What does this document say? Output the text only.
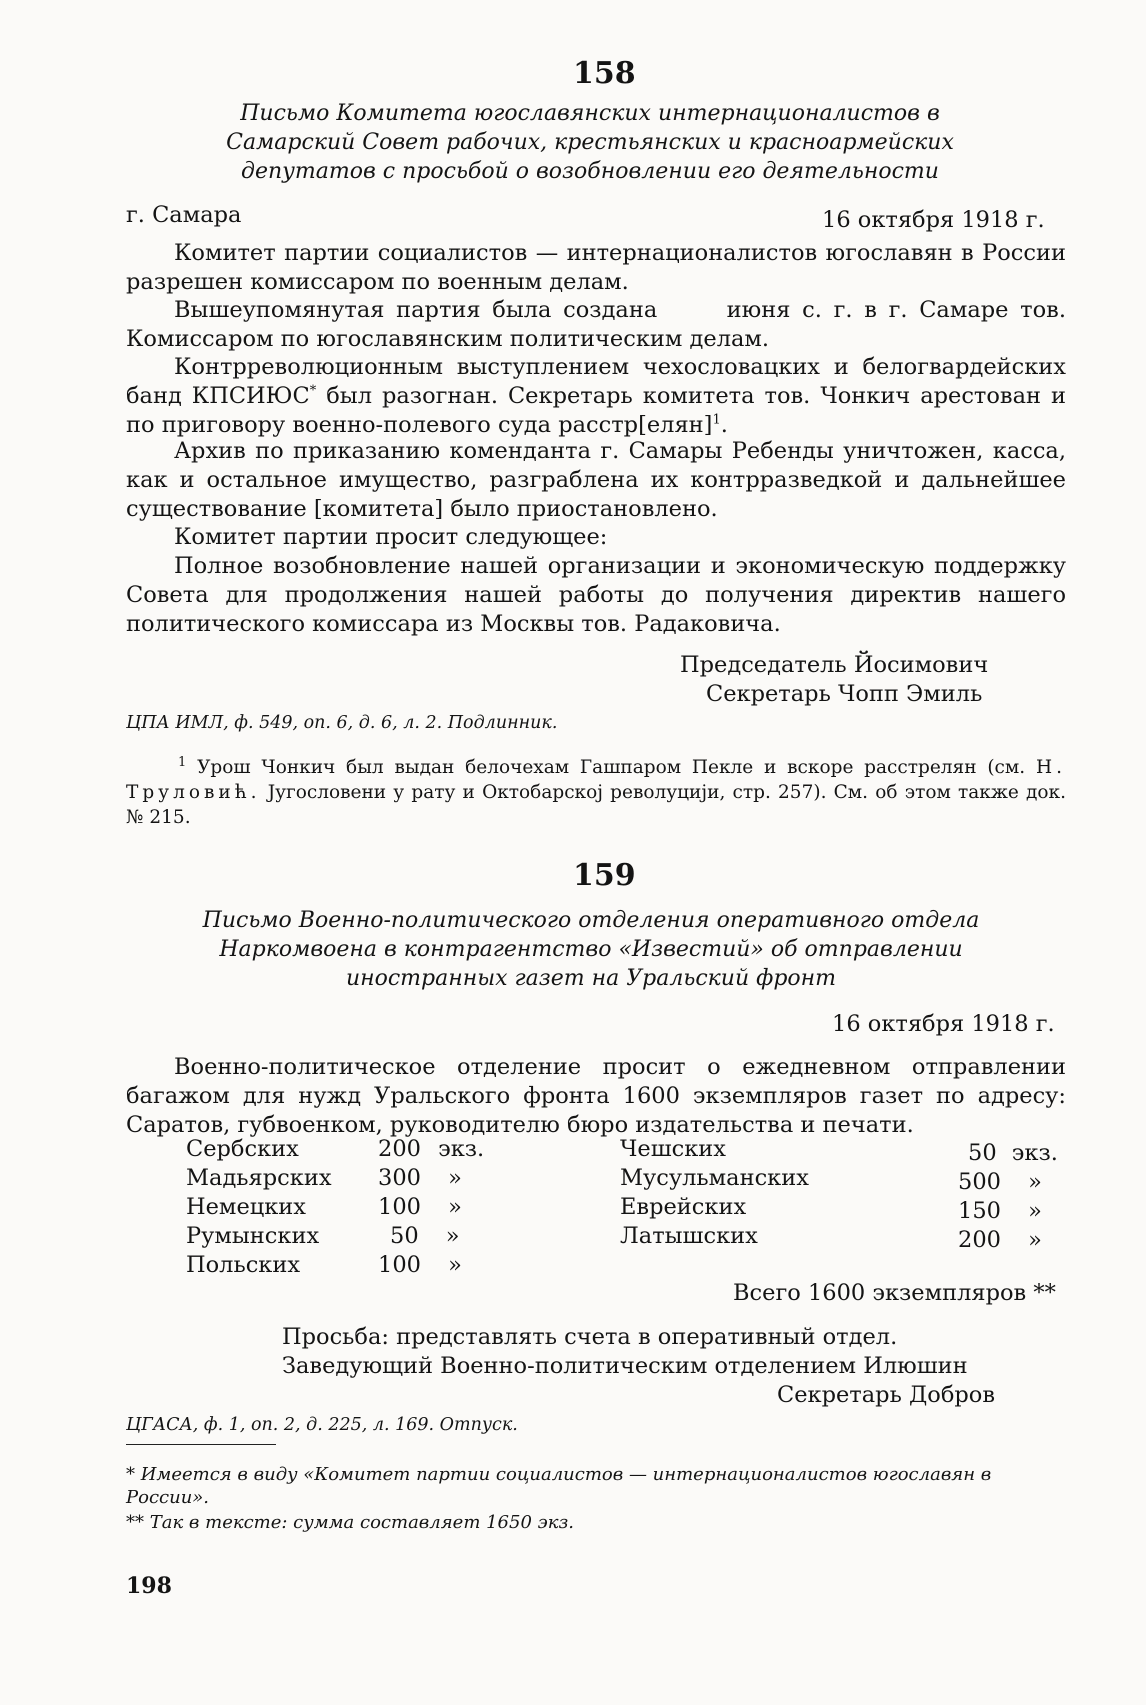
158
Письмо Комитета югославянских интернационалистов в Самарский Совет рабочих, крестьянских и красноармейских депутатов с просьбой о возобновлении его деятельности
г. Самара	16 октября 1918 г.
Комитет партии социалистов — интернационалистов югославян в России разрешен комиссаром по военным делам.
Вышеупомянутая партия была создана	июня с. г. в г. Самаре тов. Комиссаром по югославянским политическим делам.
Контрреволюционным выступлением чехословацких и белогвардейских банд КПСИЮС* был разогнан. Секретарь комитета тов. Чонкич арестован и по приговору военно-полевого суда расстр[елян]$^1$.
Архив по приказанию коменданта г. Самары Ребенды уничтожен, касса, как и остальное имущество, разграблена их контрразведкой и дальнейшее существование [комитета] было приостановлено.
Комитет партии просит следующее:
Полное возобновление нашей организации и экономическую поддержку Совета для продолжения нашей работы до получения директив нашего политического комиссара из Москвы тов. Радаковича.
Председатель Йосимович
Секретарь Чопп Эмиль
ЦПА ИМЛ, ф. 549, оп. 6, д. 6, л. 2. Подлинник.
$^1$ Урош Чонкич был выдан белочехам Гашпаром Пекле и вскоре расстрелян (см. Н. Труловић. Југословени у рату и Октобарској револуцији, стр. 257). См. об этом также док. № 215.
159
Письмо Военно-политического отделения оперативного отдела Наркомвоена в контрагентство «Известий» об отправлении иностранных газет на Уральский фронт
16 октября 1918 г.
Военно-политическое отделение просит о ежедневном отправлении багажом для нужд Уральского фронта 1600 экземпляров газет по адресу: Саратов, губвоенком, руководителю бюро издательства и печати.
Сербских	200 экз.
Мадьярских 300 »
Немецких	100 »
Румынских	50 »
Польских	100 »
Чешских	50 экз.
Мусульманских	500 »
Еврейских	150 »
Латышских	200 »
Всего 1600 экземпляров **
Просьба: представлять счета в оперативный отдел.
Заведующий Военно-политическим отделением Илюшин
Секретарь Добров
ЦГАСА, ф. 1, оп. 2, д. 225, л. 169. Отпуск.
* Имеется в виду «Комитет партии социалистов — интернационалистов югославян в России».
** Так в тексте: сумма составляет 1650 экз.
198
